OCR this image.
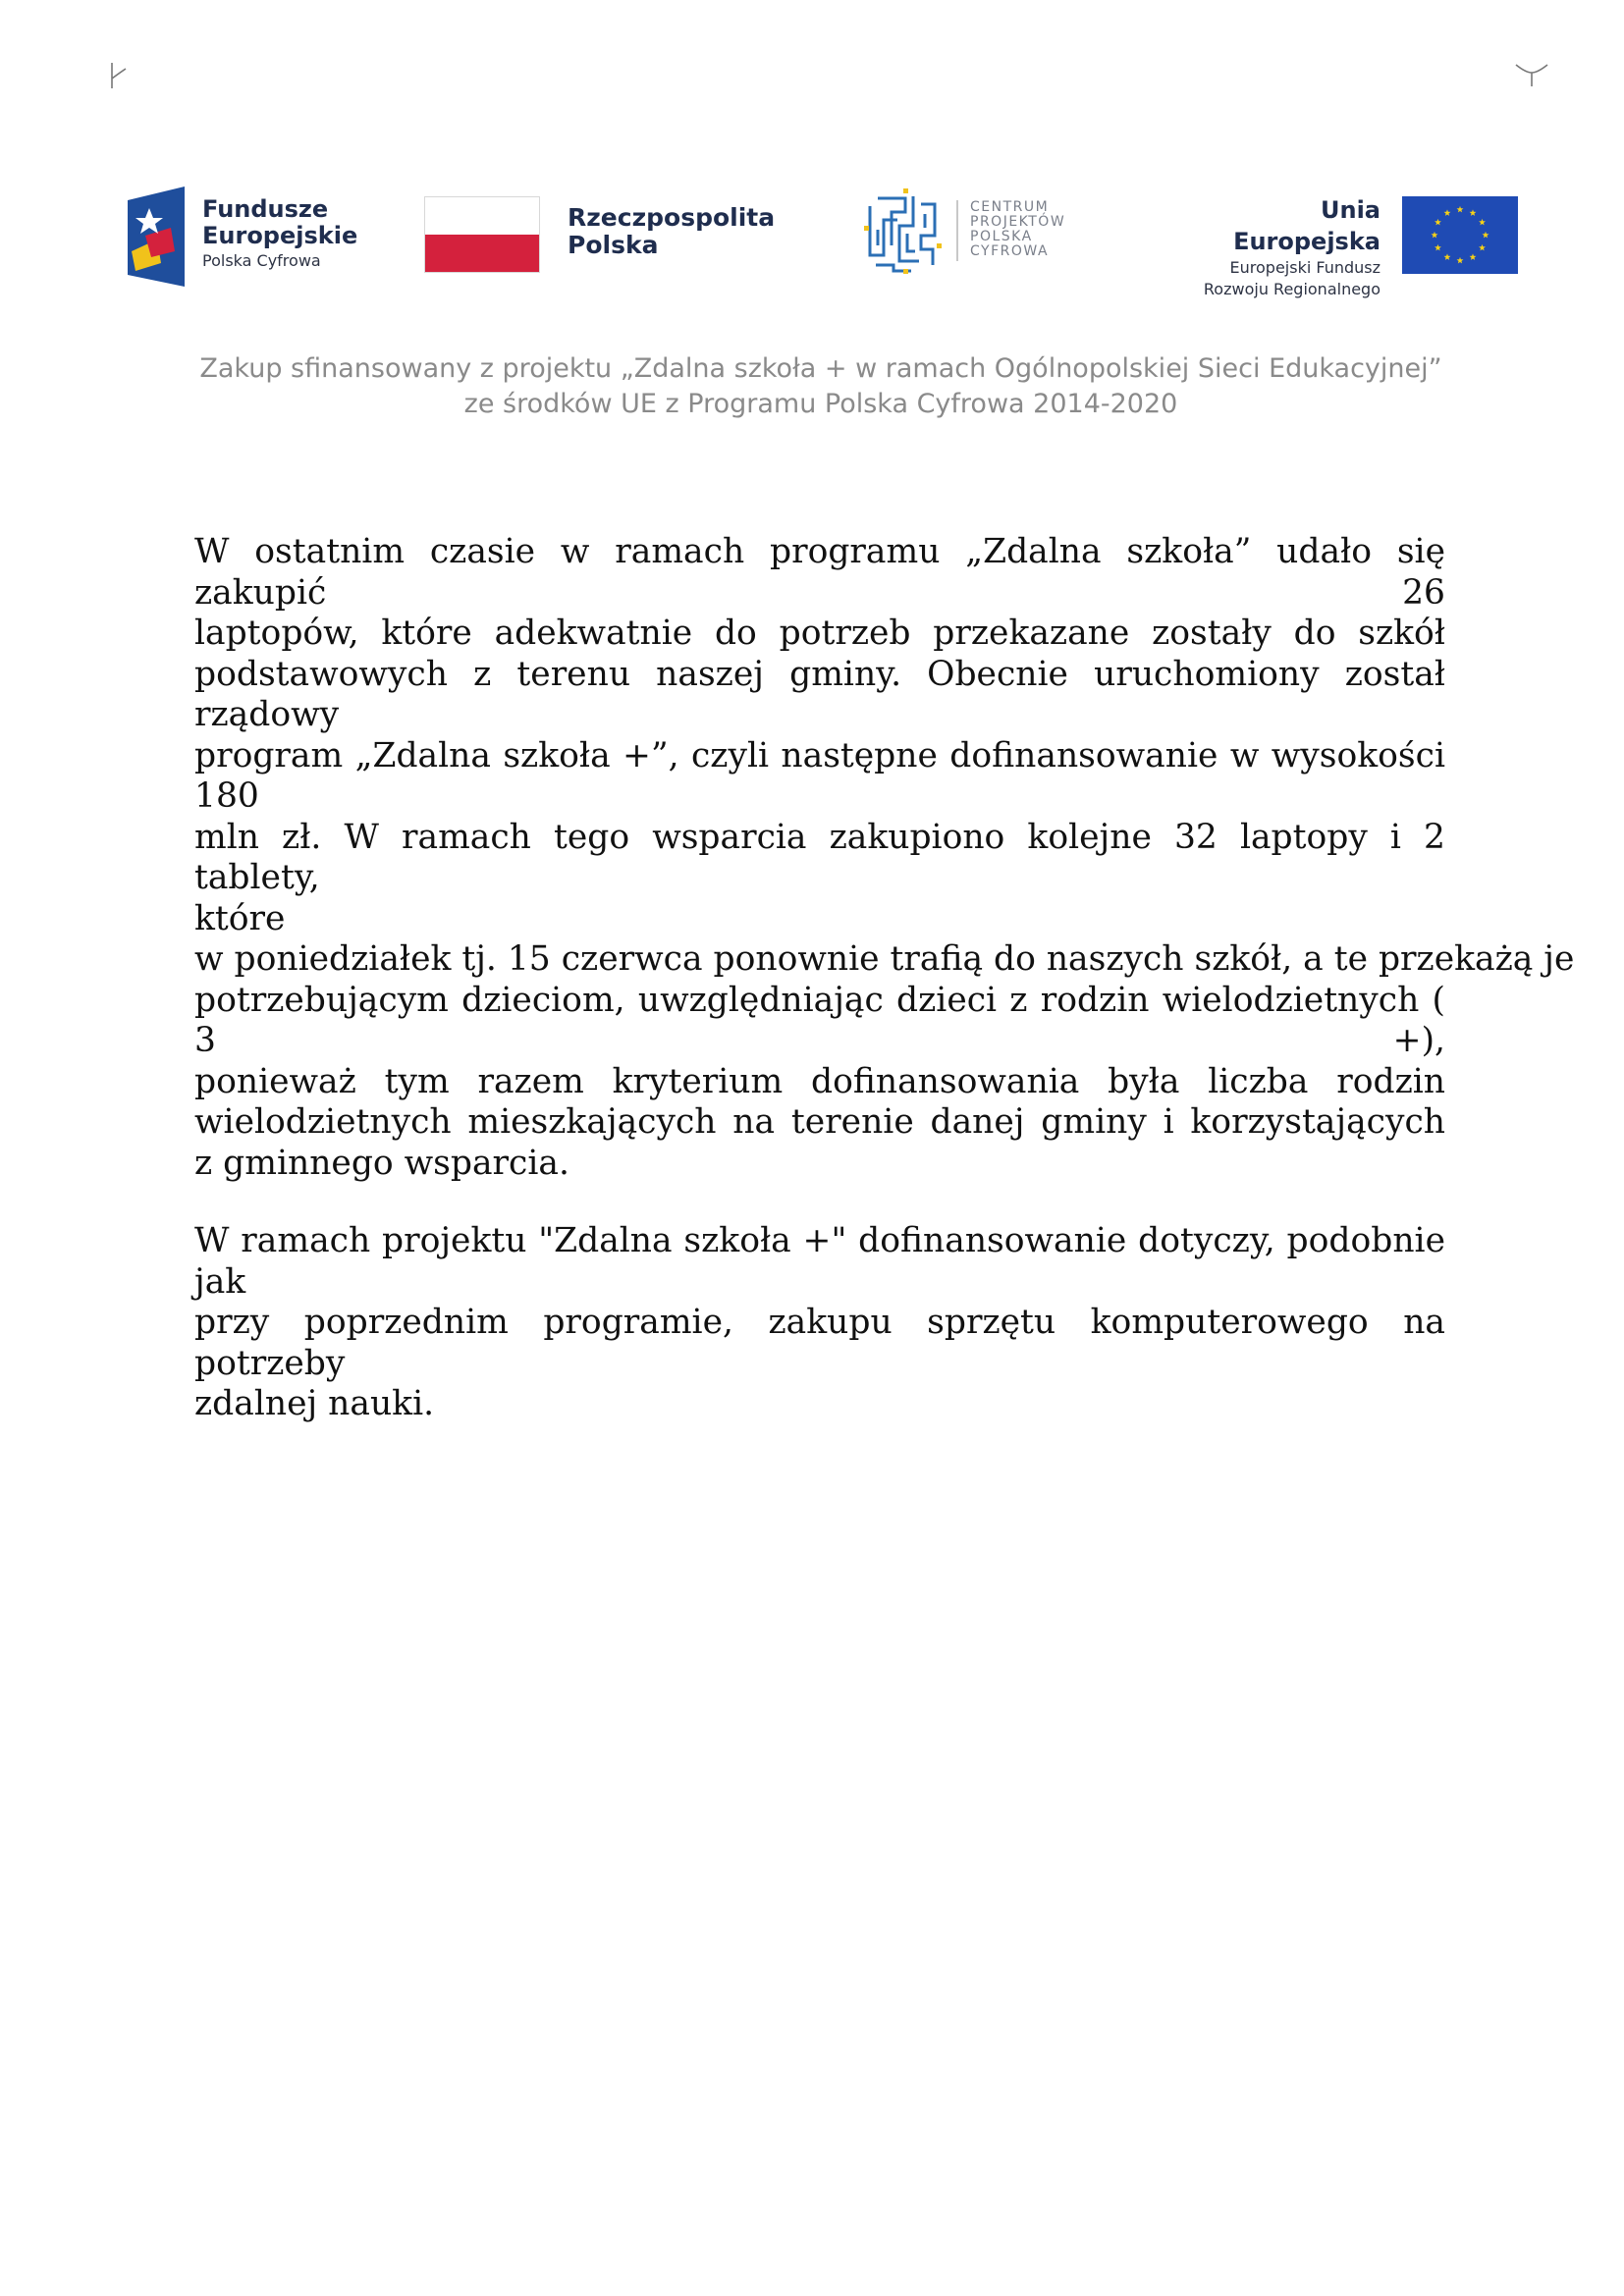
Fundusze
Europejskie
Polska Cyfrowa
Rzeczpospolita
Polska
CENTRUM
PROJEKTÓW
POLSKA
CYFROWA
Unia Europejska
Europejski Fundusz
Rozwoju Regionalnego
Zakup sfinansowany z projektu „Zdalna szkoła + w ramach Ogólnopolskiej Sieci Edukacyjnej”
ze środków UE z Programu Polska Cyfrowa 2014-2020

W ostatnim czasie w ramach programu „Zdalna szkoła” udało się zakupić 26
laptopów, które adekwatnie do potrzeb przekazane zostały do szkół
podstawowych z terenu naszej gminy. Obecnie uruchomiony został rządowy
program „Zdalna szkoła +”, czyli następne dofinansowanie w wysokości 180
mln zł. W ramach tego wsparcia zakupiono kolejne 32 laptopy i 2 tablety,
które
w poniedziałek tj. 15 czerwca ponownie trafią do naszych szkół, a te przekażą je
potrzebującym dzieciom, uwzględniając dzieci z rodzin wielodzietnych ( 3 +),
ponieważ tym razem kryterium dofinansowania była liczba rodzin
wielodzietnych mieszkających na terenie danej gminy i korzystających
z gminnego wsparcia.

W ramach projektu "Zdalna szkoła +" dofinansowanie dotyczy, podobnie jak
przy poprzednim programie, zakupu sprzętu komputerowego na potrzeby
zdalnej nauki.
